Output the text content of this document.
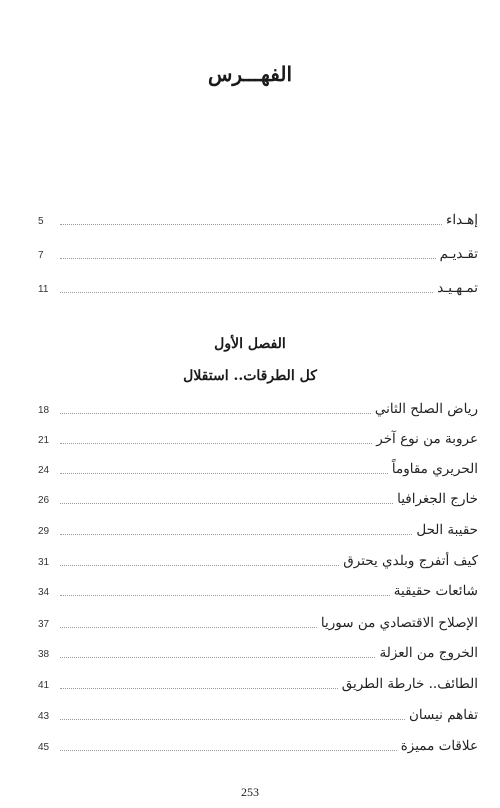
الفهـــرس
إهـداء
5
تقـديـم
7
تمـهـيـد
11
الفصل الأول
كل الطرقات.. استقلال
رياض الصلح الثاني
18
عروبة من نوع آخر
21
الحريري مقاوماً
24
خارج الجغرافيا
26
حقيبة الحل
29
كيف أتفرج وبلدي يحترق
31
شائعات حقيقية
34
الإصلاح الاقتصادي من سوريا
37
الخروج من العزلة
38
الطائف.. خارطة الطريق
41
تفاهم نيسان
43
علاقات مميزة
45
253
